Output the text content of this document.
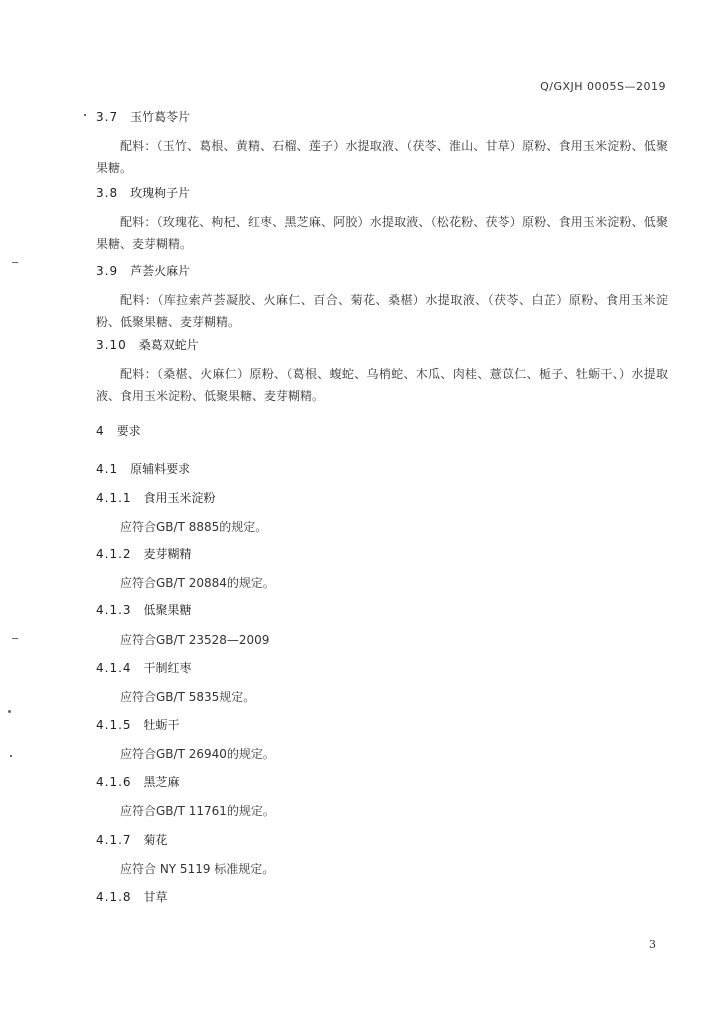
Q/GXJH 0005S—2019
3.7 玉竹葛苓片
配料：（玉竹、葛根、黄精、石榴、莲子）水提取液、（茯苓、淮山、甘草）原粉、食用玉米淀粉、低聚果糖。
3.8 玫瑰枸子片
配料：（玫瑰花、枸杞、红枣、黑芝麻、阿胶）水提取液、（松花粉、茯苓）原粉、食用玉米淀粉、低聚果糖、麦芽糊精。
3.9 芦荟火麻片
配料：（库拉索芦荟凝胶、火麻仁、百合、菊花、桑椹）水提取液、（茯苓、白芷）原粉、食用玉米淀粉、低聚果糖、麦芽糊精。
3.10 桑葛双蛇片
配料：（桑椹、火麻仁）原粉、（葛根、蝮蛇、乌梢蛇、木瓜、肉桂、薏苡仁、栀子、牡蛎干、）水提取液、食用玉米淀粉、低聚果糖、麦芽糊精。
4 要求
4.1 原辅料要求
4.1.1 食用玉米淀粉
应符合GB/T 8885的规定。
4.1.2 麦芽糊精
应符合GB/T 20884的规定。
4.1.3 低聚果糖
应符合GB/T 23528—2009
4.1.4 干制红枣
应符合GB/T 5835规定。
4.1.5 牡蛎干
应符合GB/T 26940的规定。
4.1.6 黑芝麻
应符合GB/T 11761的规定。
4.1.7 菊花
应符合 NY 5119 标准规定。
4.1.8 甘草
3
